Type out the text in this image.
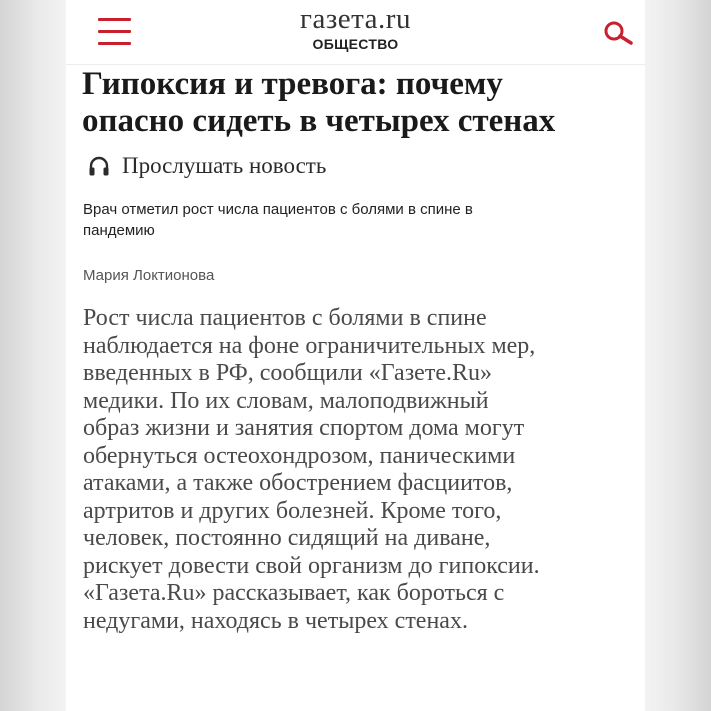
газета.ru
ОБЩЕСТВО
Гипоксия и тревога: почему
опасно сидеть в четырех стенах
Прослушать новость
Врач отметил рост числа пациентов с болями в спине в
пандемию
Мария Локтионова
Рост числа пациентов с болями в спине
наблюдается на фоне ограничительных мер,
введенных в РФ, сообщили «Газете.Ru»
медики. По их словам, малоподвижный
образ жизни и занятия спортом дома могут
обернуться остеохондрозом, паническими
атаками, а также обострением фасциитов,
артритов и других болезней. Кроме того,
человек, постоянно сидящий на диване,
рискует довести свой организм до гипоксии.
«Газета.Ru» рассказывает, как бороться с
недугами, находясь в четырех стенах.
